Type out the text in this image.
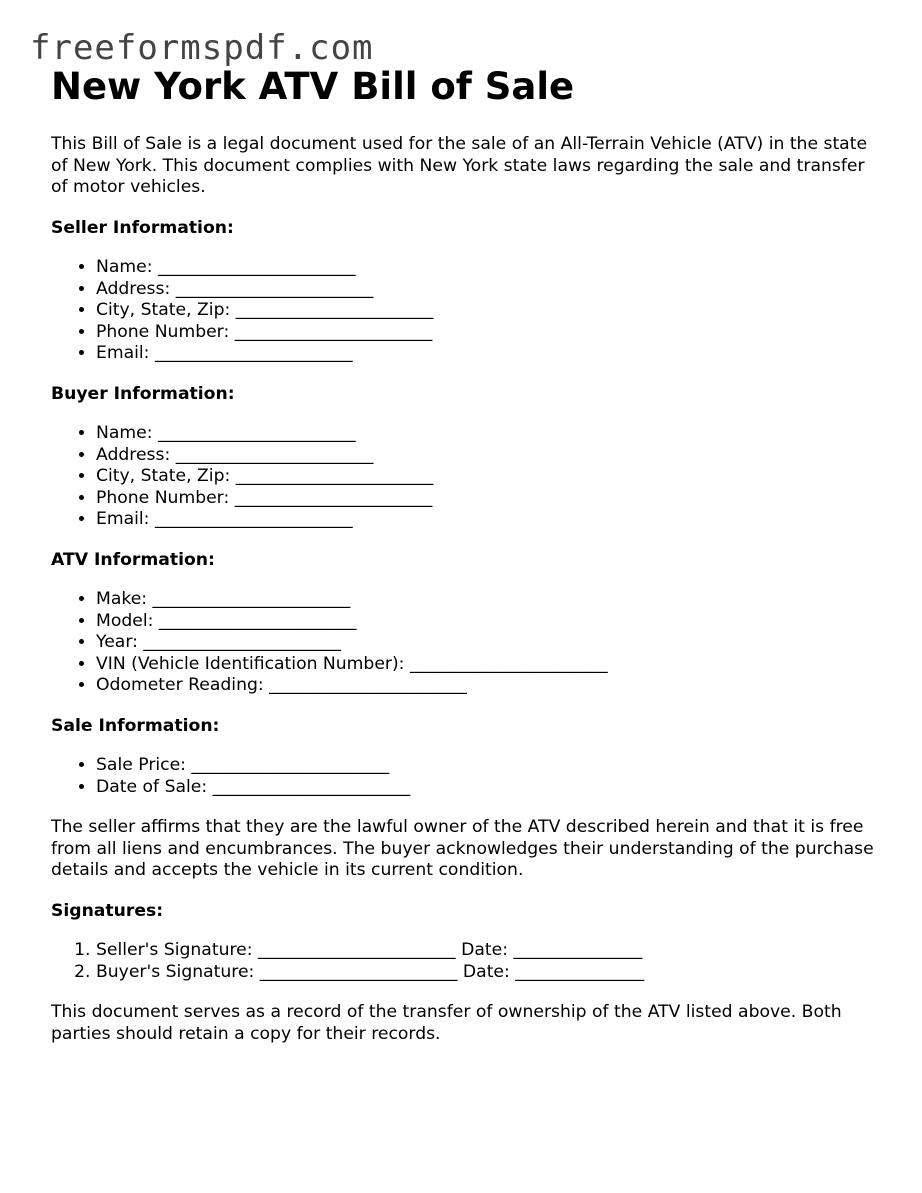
freeformspdf.com
New York ATV Bill of Sale

This Bill of Sale is a legal document used for the sale of an All-Terrain Vehicle (ATV) in the state of New York. This document complies with New York state laws regarding the sale and transfer of motor vehicles.

Seller Information:
• Name: _______________________
• Address: _______________________
• City, State, Zip: _______________________
• Phone Number: _______________________
• Email: _______________________
Buyer Information:
• Name: _______________________
• Address: _______________________
• City, State, Zip: _______________________
• Phone Number: _______________________
• Email: _______________________
ATV Information:
• Make: _______________________
• Model: _______________________
• Year: _______________________
• VIN (Vehicle Identification Number): _______________________
• Odometer Reading: _______________________
Sale Information:
• Sale Price: _______________________
• Date of Sale: _______________________

The seller affirms that they are the lawful owner of the ATV described herein and that it is free from all liens and encumbrances. The buyer acknowledges their understanding of the purchase details and accepts the vehicle in its current condition.

Signatures:
1. Seller's Signature: _______________________ Date: _______________
2. Buyer's Signature: _______________________ Date: _______________

This document serves as a record of the transfer of ownership of the ATV listed above. Both parties should retain a copy for their records.
